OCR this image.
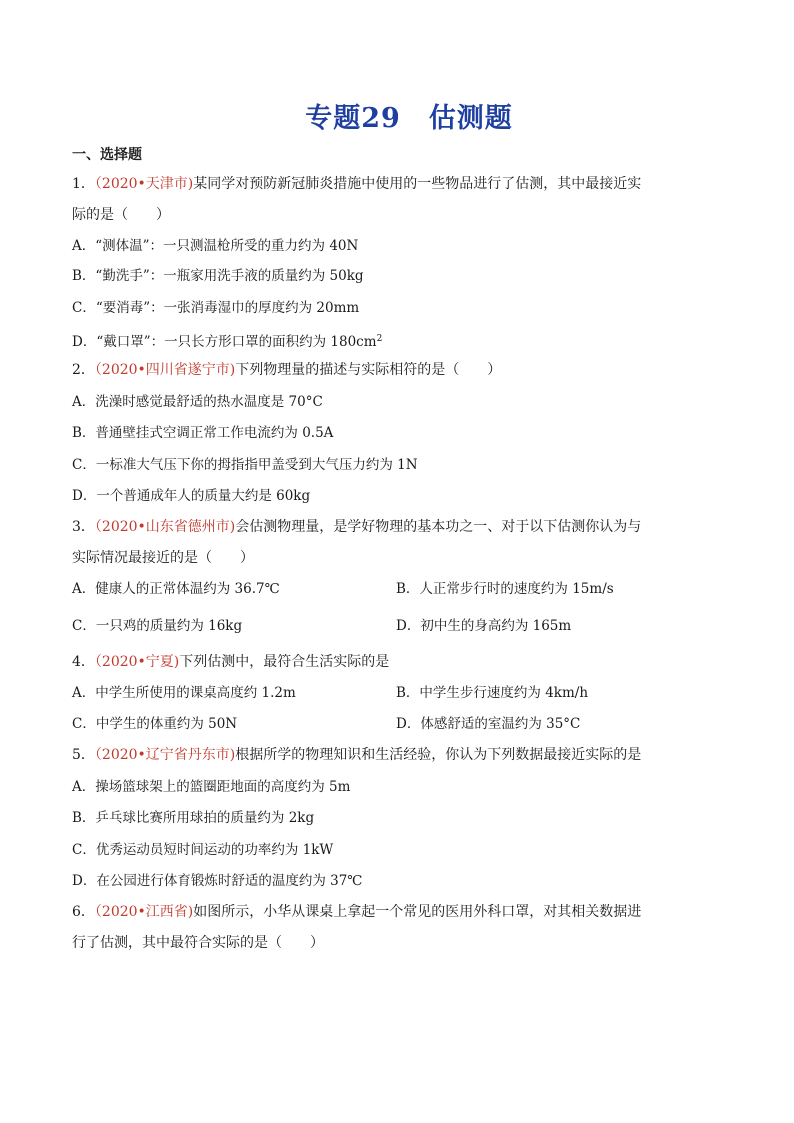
专题29　估测题
一、选择题
1．（2020•天津市)某同学对预防新冠肺炎措施中使用的一些物品进行了估测，其中最接近实
际的是（　　）
A．“测体温”：一只测温枪所受的重力约为 40N
B．“勤洗手”：一瓶家用洗手液的质量约为 50kg
C．“要消毒”：一张消毒湿巾的厚度约为 20mm
D．“戴口罩”：一只长方形口罩的面积约为 $180cm^2$
2．（2020•四川省遂宁市)下列物理量的描述与实际相符的是（　　）
A．洗澡时感觉最舒适的热水温度是 70°C
B．普通壁挂式空调正常工作电流约为 0.5A
C．一标准大气压下你的拇指指甲盖受到大气压力约为 1N
D．一个普通成年人的质量大约是 60kg
3．（2020•山东省德州市)会估测物理量，是学好物理的基本功之一、对于以下估测你认为与
实际情况最接近的是（　　）
A．健康人的正常体温约为 36.7℃	B．人正常步行时的速度约为 15m/s
C．一只鸡的质量约为 16kg	D．初中生的身高约为 165m
4．（2020•宁夏)下列估测中，最符合生活实际的是
A．中学生所使用的课桌高度约 1.2m	B．中学生步行速度约为 4km/h
C．中学生的体重约为 50N	D．体感舒适的室温约为 35°C
5．（2020•辽宁省丹东市)根据所学的物理知识和生活经验，你认为下列数据最接近实际的是
A．操场篮球架上的篮圈距地面的高度约为 5m
B．乒乓球比赛所用球拍的质量约为 2kg
C．优秀运动员短时间运动的功率约为 1kW
D．在公园进行体育锻炼时舒适的温度约为 37℃
6．（2020•江西省)如图所示，小华从课桌上拿起一个常见的医用外科口罩，对其相关数据进
行了估测，其中最符合实际的是（　　）
